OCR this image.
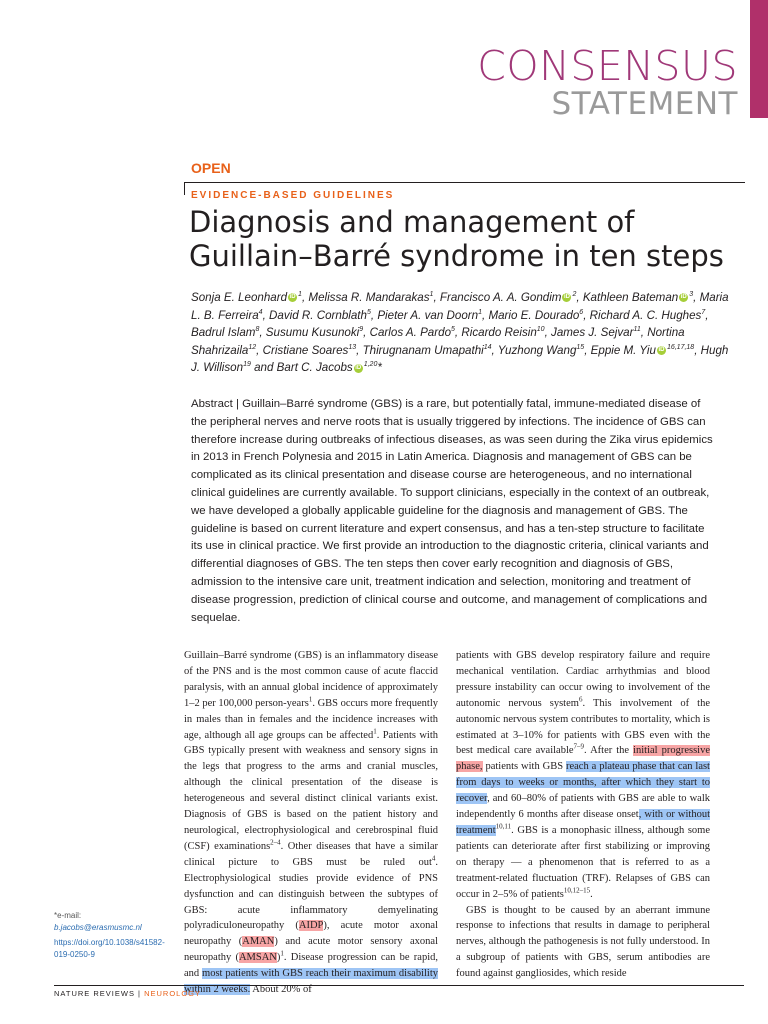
CONSENSUS
STATEMENT
OPEN
EVIDENCE-BASED GUIDELINES
Diagnosis and management of
Guillain–Barré syndrome in ten steps
Sonja E. Leonhard iD $^1$, Melissa R. Mandarakas$^1$, Francisco A. A. Gondim iD $^2$, Kathleen Bateman iD $^3$, Maria L. B. Ferreira$^4$, David R. Cornblath$^5$, Pieter A. van Doorn$^1$, Mario E. Dourado$^6$, Richard A. C. Hughes$^7$, Badrul Islam$^8$, Susumu Kusunoki$^9$, Carlos A. Pardo$^5$, Ricardo Reisin$^{10}$, James J. Sejvar$^{11}$, Nortina Shahrizaila$^{12}$, Cristiane Soares$^{13}$, Thirugnanam Umapathi$^{14}$, Yuzhong Wang$^{15}$, Eppie M. Yiu iD $^{16,17,18}$, Hugh J. Willison$^{19}$ and Bart C. Jacobs iD $^{1,20}$*
Abstract | Guillain–Barré syndrome (GBS) is a rare, but potentially fatal, immune-mediated disease of the peripheral nerves and nerve roots that is usually triggered by infections. The incidence of GBS can therefore increase during outbreaks of infectious diseases, as was seen during the Zika virus epidemics in 2013 in French Polynesia and 2015 in Latin America. Diagnosis and management of GBS can be complicated as its clinical presentation and disease course are heterogeneous, and no international clinical guidelines are currently available. To support clinicians, especially in the context of an outbreak, we have developed a globally applicable guideline for the diagnosis and management of GBS. The guideline is based on current literature and expert consensus, and has a ten-step structure to facilitate its use in clinical practice. We first provide an introduction to the diagnostic criteria, clinical variants and differential diagnoses of GBS. The ten steps then cover early recognition and diagnosis of GBS, admission to the intensive care unit, treatment indication and selection, monitoring and treatment of disease progression, prediction of clinical course and outcome, and management of complications and sequelae.

Guillain–Barré syndrome (GBS) is an inflammatory disease of the PNS and is the most common cause of acute flaccid paralysis, with an annual global incidence of approximately 1–2 per 100,000 person-years$^1$. GBS occurs more frequently in males than in females and the incidence increases with age, although all age groups can be affected$^1$. Patients with GBS typically present with weakness and sensory signs in the legs that progress to the arms and cranial muscles, although the clinical presentation of the disease is heterogeneous and several distinct clinical variants exist. Diagnosis of GBS is based on the patient history and neurological, electrophysiological and cerebrospinal fluid (CSF) examinations$^{2-4}$. Other diseases that have a similar clinical picture to GBS must be ruled out$^4$. Electrophysiological studies provide evidence of PNS dysfunction and can distinguish between the subtypes of GBS: acute inflammatory demyelinating polyradiculoneuropathy (AIDP), acute motor axonal neuropathy (AMAN) and acute motor sensory axonal neuropathy (AMSAN)$^1$. Disease progression can be rapid, and most patients with GBS reach their maximum disability within 2 weeks. About 20% of

patients with GBS develop respiratory failure and require mechanical ventilation. Cardiac arrhythmias and blood pressure instability can occur owing to involvement of the autonomic nervous system$^6$. This involvement of the autonomic nervous system contributes to mortality, which is estimated at 3–10% for patients with GBS even with the best medical care available$^{7-9}$. After the initial progressive phase, patients with GBS reach a plateau phase that can last from days to weeks or months, after which they start to recover, and 60–80% of patients with GBS are able to walk independently 6 months after disease onset, with or without treatment$^{10,11}$. GBS is a monophasic illness, although some patients can deteriorate after first stabilizing or improving on therapy — a phenomenon that is referred to as a treatment-related fluctuation (TRF). Relapses of GBS can occur in 2–5% of patients$^{10,12-15}$.

GBS is thought to be caused by an aberrant immune response to infections that results in damage to peripheral nerves, although the pathogenesis is not fully understood. In a subgroup of patients with GBS, serum antibodies are found against gangliosides, which reside

*e-mail: b.jacobs@erasmusmc.nl
https://doi.org/10.1038/s41582-019-0250-9
NATURE REVIEWS | NEUROLOGY
